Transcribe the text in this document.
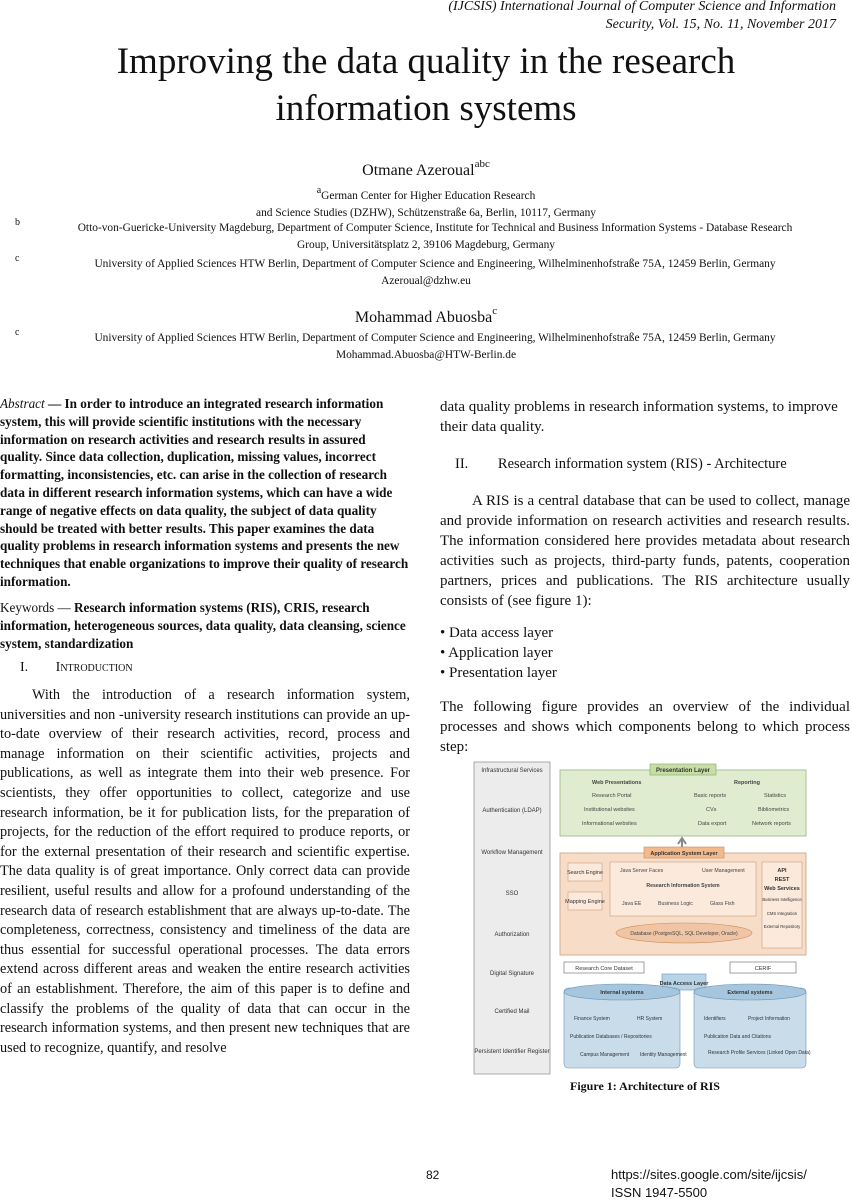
(IJCSIS) International Journal of Computer Science and Information
Security, Vol. 15, No. 11, November 2017
Improving the data quality in the research
information systems
Otmane Azeroual$^{abc}$
$^a$German Center for Higher Education Research
and Science Studies (DZHW), Schützenstraße 6a, Berlin, 10117, Germany
b	Otto-von-Guericke-University Magdeburg, Department of Computer Science, Institute for Technical and Business Information Systems - Database Research
Group, Universitätsplatz 2, 39106 Magdeburg, Germany
c	University of Applied Sciences HTW Berlin, Department of Computer Science and Engineering, Wilhelminenhofstraße 75A, 12459 Berlin, Germany
Azeroual@dzhw.eu
Mohammad Abuosba$^c$
c	University of Applied Sciences HTW Berlin, Department of Computer Science and Engineering, Wilhelminenhofstraße 75A, 12459 Berlin, Germany
Mohammad.Abuosba@HTW-Berlin.de
Abstract — In order to introduce an integrated research information system, this will provide scientific institutions with the necessary information on research activities and research results in assured quality. Since data collection, duplication, missing values, incorrect formatting, inconsistencies, etc. can arise in the collection of research data in different research information systems, which can have a wide range of negative effects on data quality, the subject of data quality should be treated with better results. This paper examines the data quality problems in research information systems and presents the new techniques that enable organizations to improve their quality of research information.
Keywords — Research information systems (RIS), CRIS, research information, heterogeneous sources, data quality, data cleansing, science system, standardization
I. Introduction
With the introduction of a research information system, universities and non -university research institutions can provide an up-to-date overview of their research activities, record, process and manage information on their scientific activities, projects and publications, as well as integrate them into their web presence. For scientists, they offer opportunities to collect, categorize and use research information, be it for publication lists, for the preparation of projects, for the reduction of the effort required to produce reports, or for the external presentation of their research and scientific expertise. The data quality is of great importance. Only correct data can provide resilient, useful results and allow for a profound understanding of the research data of research establishment that are always up-to-date. The completeness, correctness, consistency and timeliness of the data are thus essential for successful operational processes. The data errors extend across different areas and weaken the entire research activities of an establishment. Therefore, the aim of this paper is to define and classify the problems of the quality of data that can occur in the research information systems, and then present new techniques that are used to recognize, quantify, and resolve
data quality problems in research information systems, to improve their data quality.
II. Research information system (RIS) - Architecture
A RIS is a central database that can be used to collect, manage and provide information on research activities and research results. The information considered here provides metadata about research activities such as projects, third-party funds, patents, cooperation partners, prices and publications. The RIS architecture usually consists of (see figure 1):
• Data access layer
• Application layer
• Presentation layer
The following figure provides an overview of the individual processes and shows which components belong to which process step:
Infrastructural Services
Authentication (LDAP)
Workflow Management
SSO
Authorization
Digital Signature
Certified Mail
Persistent Identifier Register
Presentation Layer
Web Presentations
Research Portal
Institutional websites
Informational websites
Reporting
Basic reports	Statistics
CVs	Bibliometrics
Data export	Network reports
Application System Layer
Search Engine
Mapping Engine
Java Server Faces	User Management
Research Information System
Java EE	Business Logic	Glass Fish
Database (PostgreSQL, SQL Developer, Oracle)
API
REST
Web Services
Business Intelligence
CMS Integration
External Repository
Research Core Dataset	CERIF
Data Access Layer
Internal systems
Finance System	HR System
Publication Databases / Repositories
Campus Management Identity Management
External systems
Identifiers	Project Information
Publication Data and Citations
Research Profile Services (Linked Open Data)
Figure 1: Architecture of RIS
82	https://sites.google.com/site/ijcsis/
ISSN 1947-5500
